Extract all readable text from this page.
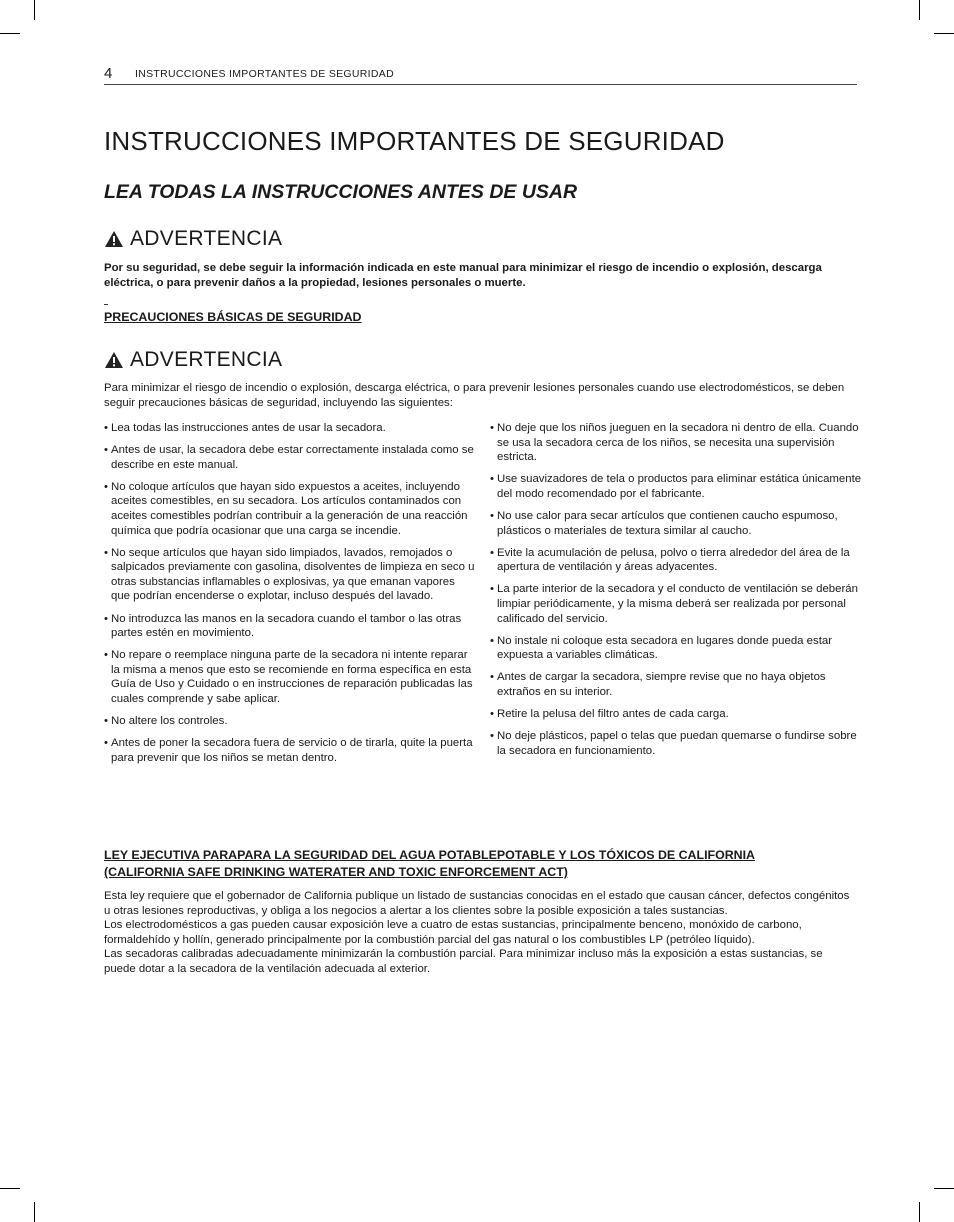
4 INSTRUCCIONES IMPORTANTES DE SEGURIDAD
INSTRUCCIONES IMPORTANTES DE SEGURIDAD
LEA TODAS LA INSTRUCCIONES ANTES DE USAR
ADVERTENCIA

Por su seguridad, se debe seguir la información indicada en este manual para minimizar el riesgo de incendio o explosión, descarga eléctrica, o para prevenir daños a la propiedad, lesiones personales o muerte.

PRECAUCIONES BÁSICAS DE SEGURIDAD

ADVERTENCIA

Para minimizar el riesgo de incendio o explosión, descarga eléctrica, o para prevenir lesiones personales cuando use electrodomésticos, se deben seguir precauciones básicas de seguridad, incluyendo las siguientes:

• Lea todas las instrucciones antes de usar la secadora.
• Antes de usar, la secadora debe estar correctamente instalada como se describe en este manual.
• No coloque artículos que hayan sido expuestos a aceites, incluyendo aceites comestibles, en su secadora. Los artículos contaminados con aceites comestibles podrían contribuir a la generación de una reacción química que podría ocasionar que una carga se incendie.
• No seque artículos que hayan sido limpiados, lavados, remojados o salpicados previamente con gasolina, disolventes de limpieza en seco u otras substancias inflamables o explosivas, ya que emanan vapores que podrían encenderse o explotar, incluso después del lavado.
• No introduzca las manos en la secadora cuando el tambor o las otras partes estén en movimiento.
• No repare o reemplace ninguna parte de la secadora ni intente reparar la misma a menos que esto se recomiende en forma específica en esta Guía de Uso y Cuidado o en instrucciones de reparación publicadas las cuales comprende y sabe aplicar.
• No altere los controles.
• Antes de poner la secadora fuera de servicio o de tirarla, quite la puerta para prevenir que los niños se metan dentro.
• No deje que los niños jueguen en la secadora ni dentro de ella. Cuando se usa la secadora cerca de los niños, se necesita una supervisión estricta.
• Use suavizadores de tela o productos para eliminar estática únicamente del modo recomendado por el fabricante.
• No use calor para secar artículos que contienen caucho espumoso, plásticos o materiales de textura similar al caucho.
• Evite la acumulación de pelusa, polvo o tierra alrededor del área de la apertura de ventilación y áreas adyacentes.
• La parte interior de la secadora y el conducto de ventilación se deberán limpiar periódicamente, y la misma deberá ser realizada por personal calificado del servicio.
• No instale ni coloque esta secadora en lugares donde pueda estar expuesta a variables climáticas.
• Antes de cargar la secadora, siempre revise que no haya objetos extraños en su interior.
• Retire la pelusa del filtro antes de cada carga.
• No deje plásticos, papel o telas que puedan quemarse o fundirse sobre la secadora en funcionamiento.
LEY EJECUTIVA PARAPARA LA SEGURIDAD DEL AGUA POTABLEPOTABLE Y LOS TÓXICOS DE CALIFORNIA
(CALIFORNIA SAFE DRINKING WATERATER AND TOXIC ENFORCEMENT ACT)

Esta ley requiere que el gobernador de California publique un listado de sustancias conocidas en el estado que causan cáncer, defectos congénitos u otras lesiones reproductivas, y obliga a los negocios a alertar a los clientes sobre la posible exposición a tales sustancias.

Los electrodomésticos a gas pueden causar exposición leve a cuatro de estas sustancias, principalmente benceno, monóxido de carbono, formaldehído y hollín, generado principalmente por la combustión parcial del gas natural o los combustibles LP (petróleo líquido).

Las secadoras calibradas adecuadamente minimizarán la combustión parcial. Para minimizar incluso más la exposición a estas sustancias, se puede dotar a la secadora de la ventilación adecuada al exterior.
